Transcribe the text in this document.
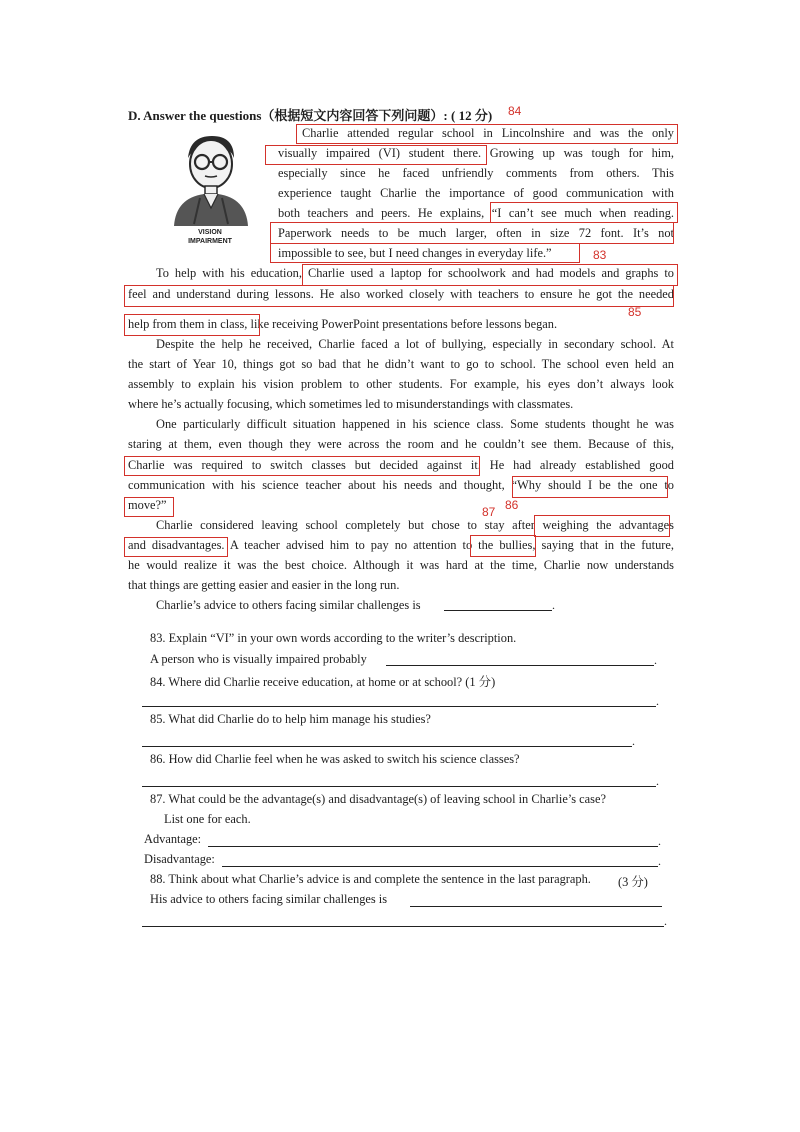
D. Answer the questions（根据短文内容回答下列问题）: ( 12 分) 84
VISION
IMPAIRMENT
Charlie attended regular school in Lincolnshire and was the only
visually impaired (VI) student there. Growing up was tough for him,
especially since he faced unfriendly comments from others. This
experience taught Charlie the importance of good communication with
both teachers and peers. He explains, “I can’t see much when reading.
Paperwork needs to be much larger, often in size 72 font. It’s not
impossible to see, but I need changes in everyday life.”
To help with his education, Charlie used a laptop for schoolwork and had models and graphs to
feel and understand during lessons. He also worked closely with teachers to ensure he got the needed
help from them in class, like receiving PowerPoint presentations before lessons began.
Despite the help he received, Charlie faced a lot of bullying, especially in secondary school. At
the start of Year 10, things got so bad that he didn’t want to go to school. The school even held an
assembly to explain his vision problem to other students. For example, his eyes don’t always look
where he’s actually focusing, which sometimes led to misunderstandings with classmates.
One particularly difficult situation happened in his science class. Some students thought he was
staring at them, even though they were across the room and he couldn’t see them. Because of this,
Charlie was required to switch classes but decided against it. He had already established good
communication with his science teacher about his needs and thought, “Why should I be the one to
move?”
Charlie considered leaving school completely but chose to stay after weighing the advantages
and disadvantages. A teacher advised him to pay no attention to the bullies, saying that in the future,
he would realize it was the best choice. Although it was hard at the time, Charlie now understands
that things are getting easier and easier in the long run.
Charlie’s advice to others facing similar challenges is	.
83
85
87 86
83. Explain “VI” in your own words according to the writer’s description.
A person who is visually impaired probably	.
84. Where did Charlie receive education, at home or at school? (1 分)
.
85. What did Charlie do to help him manage his studies?
.
86. How did Charlie feel when he was asked to switch his science classes?
.
87. What could be the advantage(s) and disadvantage(s) of leaving school in Charlie’s case?
List one for each.
Advantage:	.
Disadvantage:	.
88. Think about what Charlie’s advice is and complete the sentence in the last paragraph. (3 分)
His advice to others facing similar challenges is
.
